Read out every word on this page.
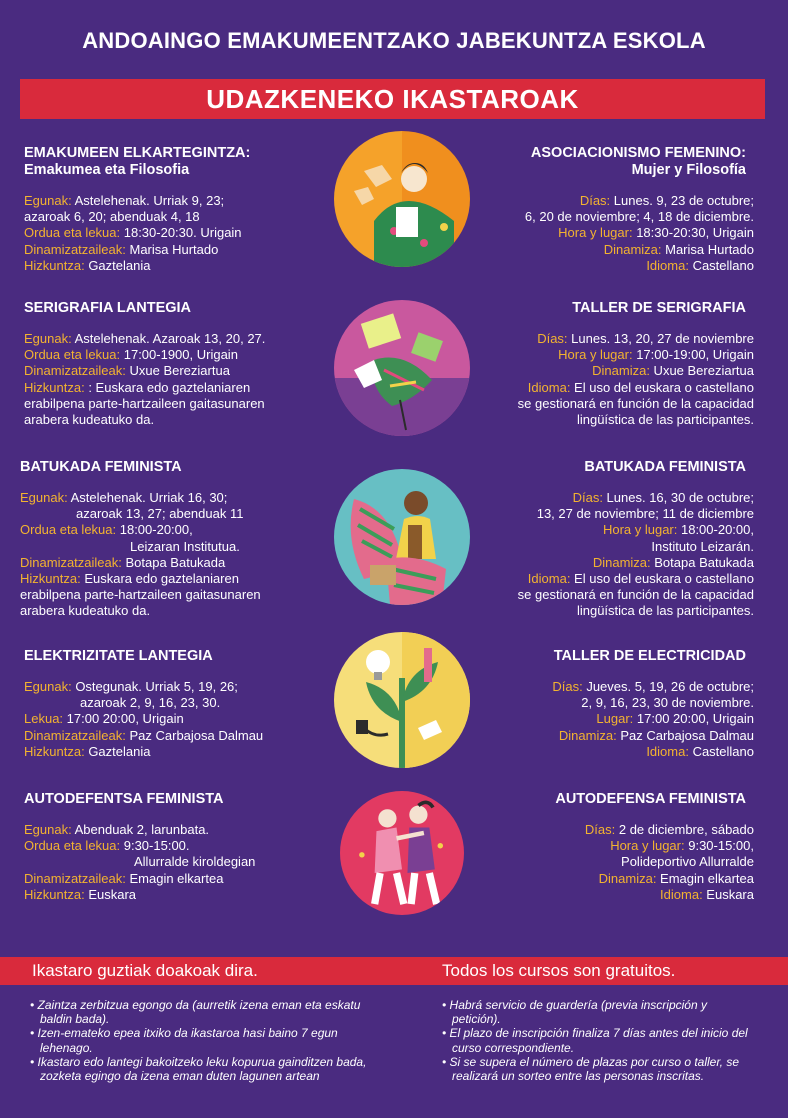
ANDOAINGO EMAKUMEENTZAKO JABEKUNTZA ESKOLA
UDAZKENEKO IKASTAROAK
EMAKUMEEN ELKARTEGINTZA:
Emakumea eta Filosofia
Egunak: Astelehenak. Urriak 9, 23;
azaroak 6, 20; abenduak 4, 18
Ordua eta lekua: 18:30-20:30. Urigain
Dinamizatzaileak: Marisa Hurtado
Hizkuntza: Gaztelania
ASOCIACIONISMO FEMENINO:
Mujer y Filosofía
Días: Lunes. 9, 23 de octubre;
6, 20 de noviembre; 4, 18 de diciembre.
Hora y lugar: 18:30-20:30, Urigain
Dinamiza: Marisa Hurtado
Idioma: Castellano
SERIGRAFIA LANTEGIA
Egunak: Astelehenak. Azaroak 13, 20, 27.
Ordua eta lekua: 17:00-1900, Urigain
Dinamizatzaileak: Uxue Bereziartua
Hizkuntza: : Euskara edo gaztelaniaren
erabilpena parte-hartzaileen gaitasunaren
arabera kudeatuko da.
TALLER DE SERIGRAFIA
Días: Lunes. 13, 20, 27 de noviembre
Hora y lugar: 17:00-19:00, Urigain
Dinamiza: Uxue Bereziartua
Idioma: El uso del euskara o castellano
se gestionará en función de la capacidad
lingüística de las participantes.
BATUKADA FEMINISTA
Egunak: Astelehenak. Urriak 16, 30;
azaroak 13, 27; abenduak 11
Ordua eta lekua: 18:00-20:00,
Leizaran Institutua.
Dinamizatzaileak: Botapa Batukada
Hizkuntza: Euskara edo gaztelaniaren
erabilpena parte-hartzaileen gaitasunaren
arabera kudeatuko da.
BATUKADA FEMINISTA
Días: Lunes. 16, 30 de octubre;
13, 27 de noviembre; 11 de diciembre
Hora y lugar: 18:00-20:00,
Instituto Leizarán.
Dinamiza: Botapa Batukada
Idioma: El uso del euskara o castellano
se gestionará en función de la capacidad
lingüística de las participantes.
ELEKTRIZITATE LANTEGIA
Egunak: Ostegunak. Urriak 5, 19, 26;
azaroak 2, 9, 16, 23, 30.
Lekua: 17:00 20:00, Urigain
Dinamizatzaileak: Paz Carbajosa Dalmau
Hizkuntza: Gaztelania
TALLER DE ELECTRICIDAD
Días: Jueves. 5, 19, 26 de octubre;
2, 9, 16, 23, 30 de noviembre.
Lugar: 17:00 20:00, Urigain
Dinamiza: Paz Carbajosa Dalmau
Idioma: Castellano
AUTODEFENTSA FEMINISTA
Egunak: Abenduak 2, larunbata.
Ordua eta lekua: 9:30-15:00.
Allurralde kiroldegian
Dinamizatzaileak: Emagin elkartea
Hizkuntza: Euskara
AUTODEFENSA FEMINISTA
Días: 2 de diciembre, sábado
Hora y lugar: 9:30-15:00,
Polideportivo Allurralde
Dinamiza: Emagin elkartea
Idioma: Euskara
Ikastaro guztiak doakoak dira.	Todos los cursos son gratuitos.
• Zaintza zerbitzua egongo da (aurretik izena eman eta eskatu baldin bada).
• Izen-emateko epea itxiko da ikastaroa hasi baino 7 egun lehenago.
• Ikastaro edo lantegi bakoitzeko leku kopurua gainditzen bada, zozketa egingo da izena eman duten lagunen artean
• Habrá servicio de guardería (previa inscripción y petición).
• El plazo de inscripción finaliza 7 días antes del inicio del curso correspondiente.
• Si se supera el número de plazas por curso o taller, se realizará un sorteo entre las personas inscritas.
